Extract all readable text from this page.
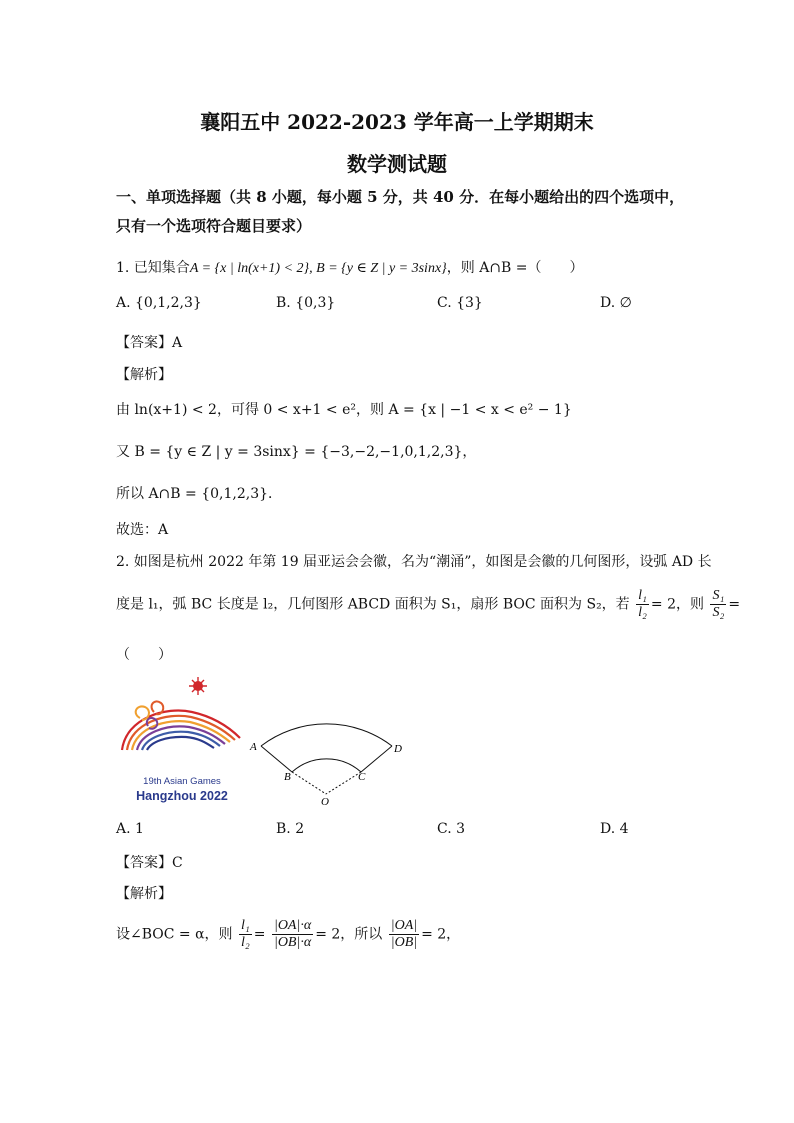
襄阳五中 2022-2023 学年高一上学期期末
数学测试题
一、单项选择题（共 8 小题，每小题 5 分，共 40 分．在每小题给出的四个选项中，
只有一个选项符合题目要求）
1. 已知集合A = {x | ln(x+1) < 2}, B = {y ∈ Z | y = 3sinx}，则 A∩B =（　　）
A. {0,1,2,3}	B. {0,3}	C. {3}	D. ∅
【答案】A
【解析】
由 ln(x+1) < 2，可得 0 < x+1 < e²，则 A = {x | −1 < x < e² − 1}
又 B = {y ∈ Z | y = 3sinx} = {−3,−2,−1,0,1,2,3}，
所以 A∩B = {0,1,2,3}．
故选：A
2. 如图是杭州 2022 年第 19 届亚运会会徽，名为“潮涌”，如图是会徽的几何图形，设弧 AD 长
度是 l₁，弧 BC 长度是 l₂，几何图形 ABCD 面积为 S₁，扇形 BOC 面积为 S₂，若 $\frac{\text{l₁}}{\text{l₂}} = 2$，则 $\frac{\text{S₁}}{\text{S₂}}$ =
（　　）
19th Asian Games
Hangzhou 2022
A	D
B	C
O
A. 1	B. 2	C. 3	D. 4
【答案】C
【解析】
设∠BOC = α，则 $\frac{\text{l₁}}{\text{l₂}} = \frac{|OA|\cdot\alpha}{|OB|\cdot\alpha} = 2$，所以 $\frac{|OA|}{|OB|} = 2$，
